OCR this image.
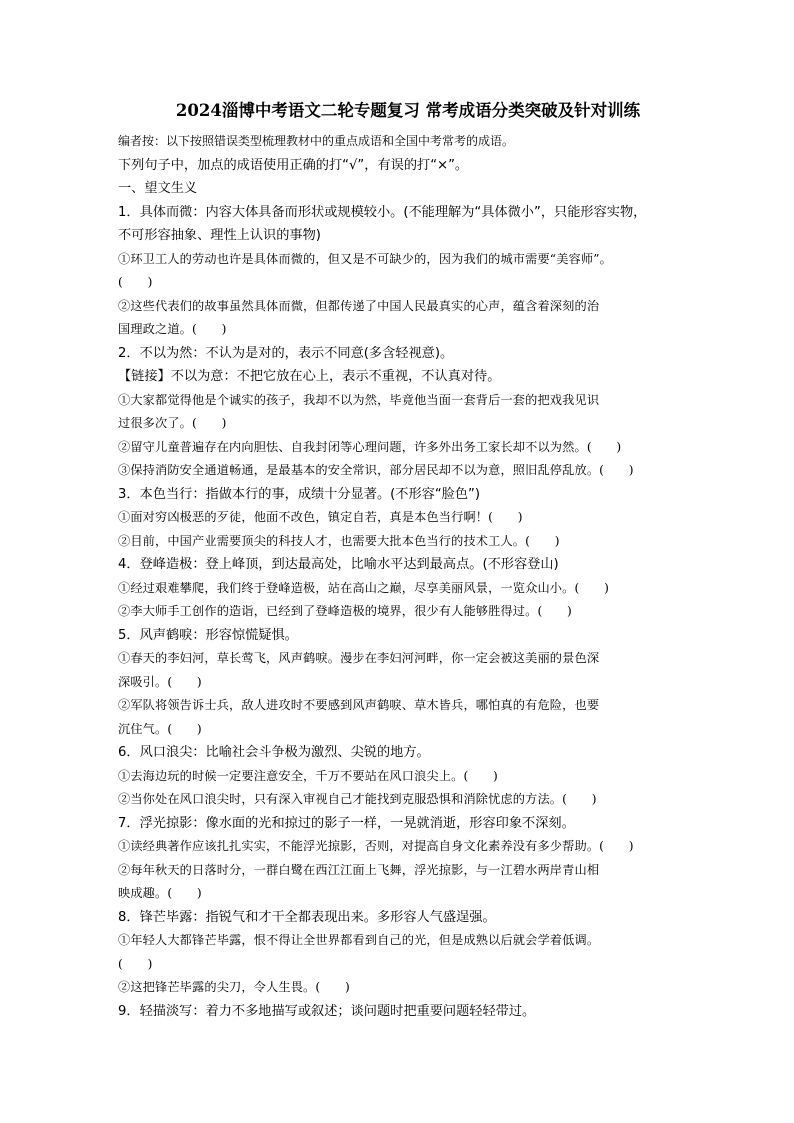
2024淄博中考语文二轮专题复习 常考成语分类突破及针对训练
编者按：以下按照错误类型梳理教材中的重点成语和全国中考常考的成语。
下列句子中，加点的成语使用正确的打“√”，有误的打“×”。
一、望文生义
1．具体而微：内容大体具备而形状或规模较小。(不能理解为“具体微小”，只能形容实物，
不可形容抽象、理性上认识的事物)
①环卫工人的劳动也许是具体而微的，但又是不可缺少的，因为我们的城市需要“美容师”。
(　　)
②这些代表们的故事虽然具体而微，但都传递了中国人民最真实的心声，蕴含着深刻的治
国理政之道。(　　)
2．不以为然：不认为是对的，表示不同意(多含轻视意)。
【链接】不以为意：不把它放在心上，表示不重视，不认真对待。
①大家都觉得他是个诚实的孩子，我却不以为然，毕竟他当面一套背后一套的把戏我见识
过很多次了。(　　)
②留守儿童普遍存在内向胆怯、自我封闭等心理问题，许多外出务工家长却不以为然。(　　)
③保持消防安全通道畅通，是最基本的安全常识，部分居民却不以为意，照旧乱停乱放。(　　)
3．本色当行：指做本行的事，成绩十分显著。(不形容“脸色”)
①面对穷凶极恶的歹徒，他面不改色，镇定自若，真是本色当行啊！(　　)
②目前，中国产业需要顶尖的科技人才，也需要大批本色当行的技术工人。(　　)
4．登峰造极：登上峰顶，到达最高处，比喻水平达到最高点。(不形容登山)
①经过艰难攀爬，我们终于登峰造极，站在高山之巅，尽享美丽风景，一览众山小。(　　)
②李大师手工创作的造诣，已经到了登峰造极的境界，很少有人能够胜得过。(　　)
5．风声鹤唳：形容惊慌疑惧。
①春天的李妇河，草长莺飞，风声鹤唳。漫步在李妇河河畔，你一定会被这美丽的景色深
深吸引。(　　)
②军队将领告诉士兵，敌人进攻时不要感到风声鹤唳、草木皆兵，哪怕真的有危险，也要
沉住气。(　　)
6．风口浪尖：比喻社会斗争极为激烈、尖锐的地方。
①去海边玩的时候一定要注意安全，千万不要站在风口浪尖上。(　　)
②当你处在风口浪尖时，只有深入审视自己才能找到克服恐惧和消除忧虑的方法。(　　)
7．浮光掠影：像水面的光和掠过的影子一样，一晃就消逝，形容印象不深刻。
①读经典著作应该扎扎实实，不能浮光掠影，否则，对提高自身文化素养没有多少帮助。(　　)
②每年秋天的日落时分，一群白鹭在西江江面上飞舞，浮光掠影，与一江碧水两岸青山相
映成趣。(　　)
8．锋芒毕露：指锐气和才干全都表现出来。多形容人气盛逞强。
①年轻人大都锋芒毕露，恨不得让全世界都看到自己的光，但是成熟以后就会学着低调。
(　　)
②这把锋芒毕露的尖刀，令人生畏。(　　)
9．轻描淡写：着力不多地描写或叙述；谈问题时把重要问题轻轻带过。
